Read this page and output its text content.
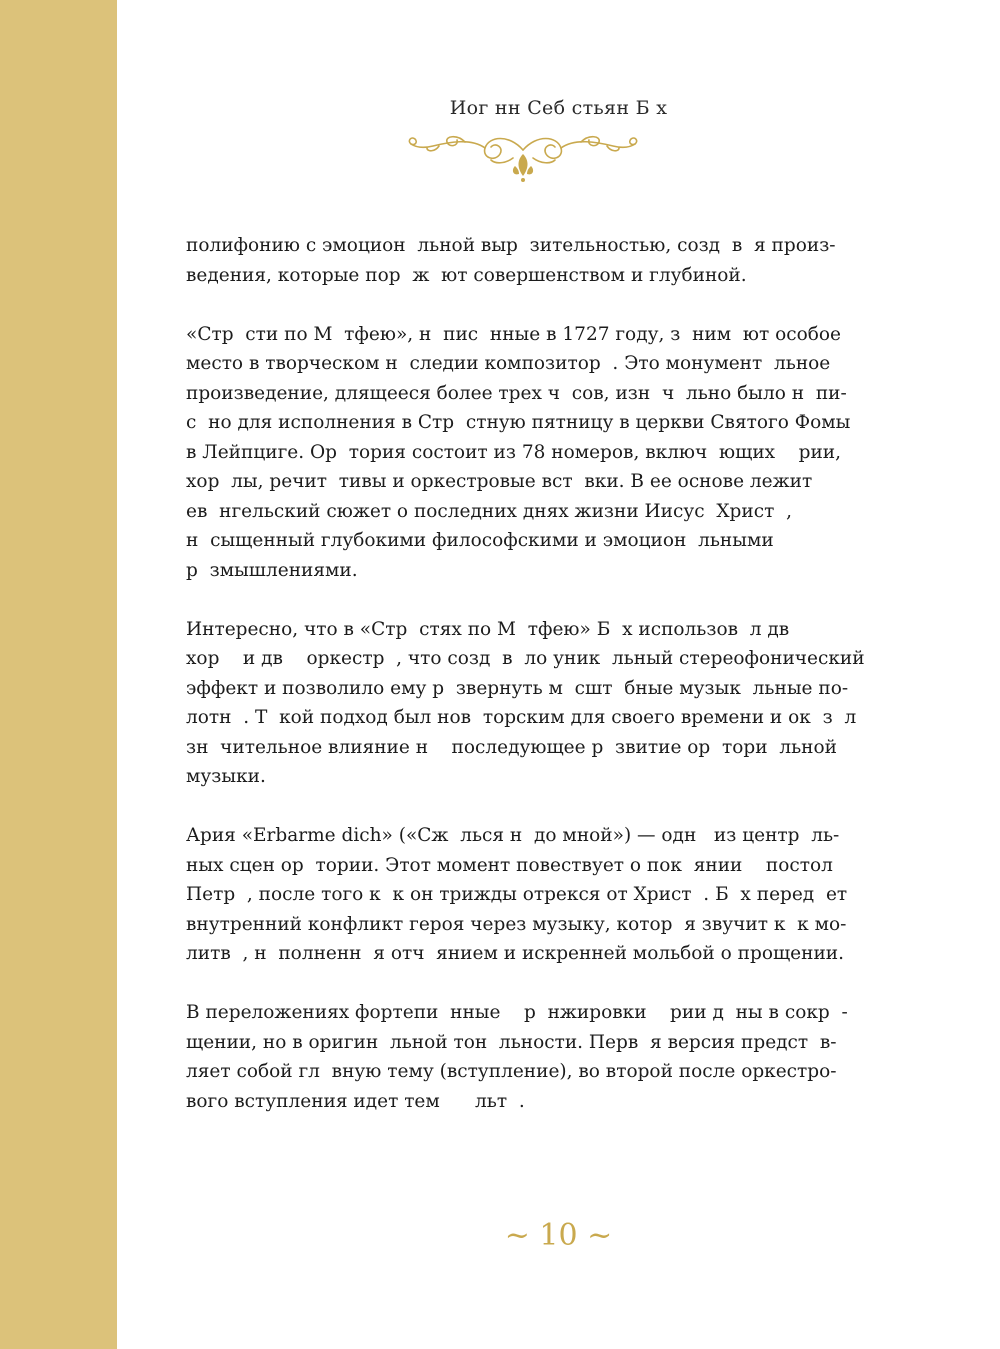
Иог нн Себ стьян Б х

полифонию с эмоцион  льной выр  зительностью, созд  в  я произ-
ведения, которые пор  ж  ют совершенством и глубиной.

«Стр  сти по М  тфею», н  пис  нные в 1727 году, з  ним  ют особое
место в творческом н  следии композитор  . Это монумент  льное
произведение, длящееся более трех ч  сов, изн  ч  льно было н  пи-
с  но для исполнения в Стр  стную пятницу в церкви Святого Фомы
в Лейпциге. Ор  тория состоит из 78 номеров, включ  ющих    рии,
хор  лы, речит  тивы и оркестровые вст  вки. В ее основе лежит
ев  нгельский сюжет о последних днях жизни Иисус  Христ  ,
н  сыщенный глубокими философскими и эмоцион  льными
р  змышлениями.

Интересно, что в «Стр  стях по М  тфею» Б  х использов  л дв
хор    и дв    оркестр  , что созд  в  ло уник  льный стереофонический
эффект и позволило ему р  звернуть м  сшт  бные музык  льные по-
лотн  . Т  кой подход был нов  торским для своего времени и ок  з  л
зн  чительное влияние н    последующее р  звитие ор  тори  льной
музыки.

Ария «Erbarme dich» («Сж  лься н  до мной») — одн   из центр  ль-
ных сцен ор  тории. Этот момент повествует о пок  янии    постол
Петр  , после того к  к он трижды отрекся от Христ  . Б  х перед  ет
внутренний конфликт героя через музыку, котор  я звучит к  к мо-
литв  , н  полненн  я отч  янием и искренней мольбой о прощении.

В переложениях фортепи  нные    р  нжировки    рии д  ны в сокр  -
щении, но в оригин  льной тон  льности. Перв  я версия предст  в-
ляет собой гл  вную тему (вступление), во второй после оркестро-
вого вступления идет тем      льт  .

~ 10 ~
